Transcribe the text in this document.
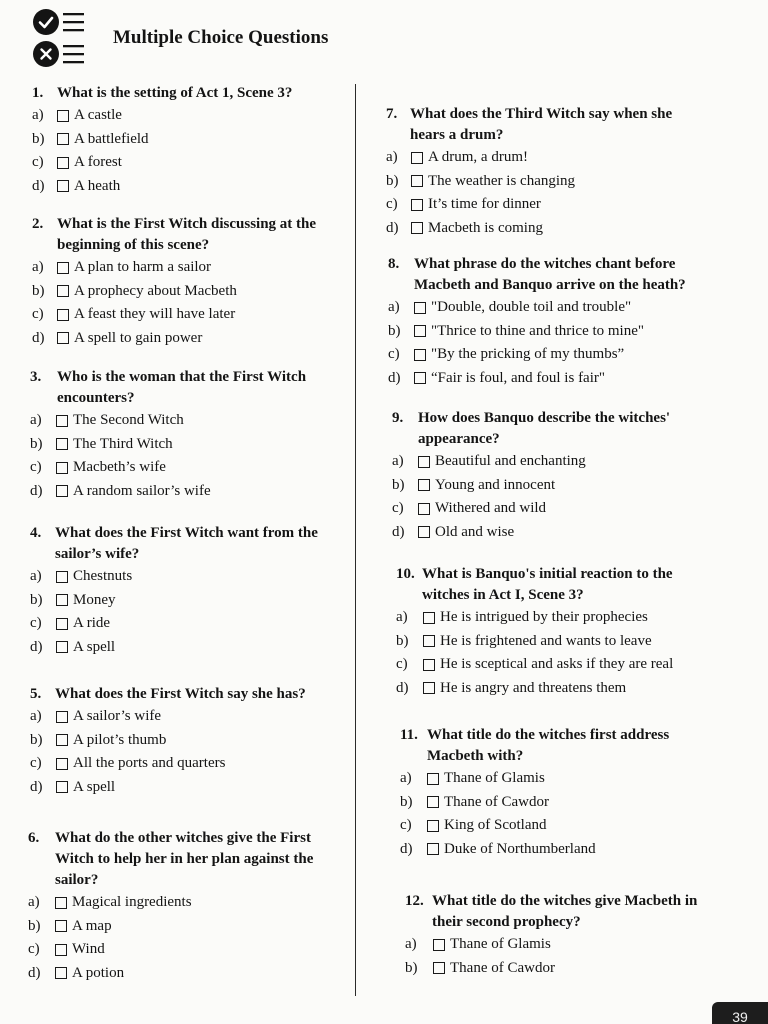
Multiple Choice Questions
1. What is the setting of Act 1, Scene 3?
a)	A castle
b)	A battlefield
c)	A forest
d)	A heath
2. What is the First Witch discussing at the
beginning of this scene?
a)	A plan to harm a sailor
b)	A prophecy about Macbeth
c)	A feast they will have later
d)	A spell to gain power
3.	Who is the woman that the First Witch
encounters?
a)	The Second Witch
b)	The Third Witch
c)	Macbeth’s wife
d)	A random sailor’s wife
4. What does the First Witch want from the
sailor’s wife?
a)	Chestnuts
b)	Money
c)	A ride
d)	A spell
5. What does the First Witch say she has?
a)	A sailor’s wife
b)	A pilot’s thumb
c)	All the ports and quarters
d)	A spell
6.	What do the other witches give the First
Witch to help her in her plan against the
sailor?
a)	Magical ingredients
b)	A map
c)	Wind
d)	A potion
7. What does the Third Witch say when she
hears a drum?
a)	A drum, a drum!
b)	The weather is changing
c)	It’s time for dinner
d)	Macbeth is coming
8. What phrase do the witches chant before
Macbeth and Banquo arrive on the heath?
a)	"Double, double toil and trouble"
b)	"Thrice to thine and thrice to mine"
c)	"By the pricking of my thumbs”
d)	“Fair is foul, and foul is fair"
9. How does Banquo describe the witches'
appearance?
a)	Beautiful and enchanting
b)	Young and innocent
c)	Withered and wild
d)	Old and wise
10. What is Banquo's initial reaction to the
witches in Act I, Scene 3?
a)	He is intrigued by their prophecies
b)	He is frightened and wants to leave
c)	He is sceptical and asks if they are real
d)	He is angry and threatens them
11. What title do the witches first address
Macbeth with?
a)	Thane of Glamis
b)	Thane of Cawdor
c)	King of Scotland
d)	Duke of Northumberland
12. What title do the witches give Macbeth in
their second prophecy?
a)	Thane of Glamis
b)	Thane of Cawdor
39
